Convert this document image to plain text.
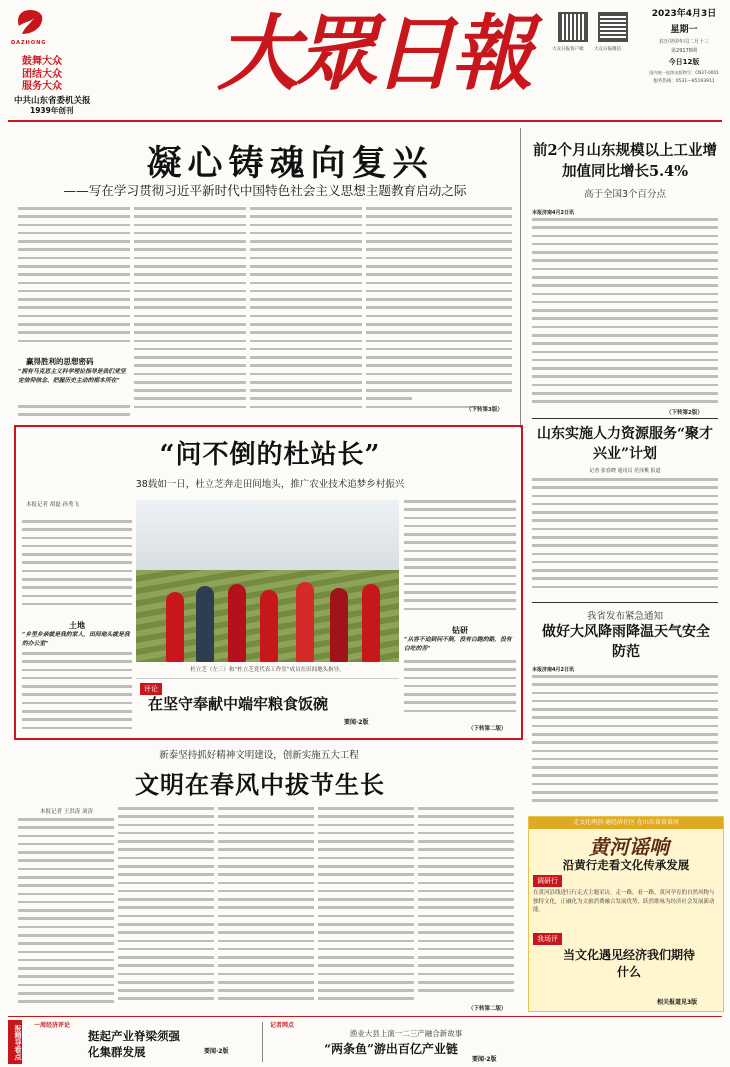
DAZHONG
鼓舞大众
团结大众
服务大众
中共山东省委机关报
1939年创刊
大眾日報	大众日报客户端 大众日报微信
2023年4月3日
星期一
农历癸卯年闰二月十三
第29178期
今日12版
国内统一连续出版物号：CN37-0001
服务热线：0531—85193911
凝心铸魂向复兴
——写在学习贯彻习近平新时代中国特色社会主义思想主题教育启动之际
赢得胜利的思想密码
“拥有马克思主义科学理论指导是我们党坚定信仰信念、把握历史主动的根本所在”
（下转第3版）
前2个月山东规模以上工业增加值同比增长5.4%
高于全国3个百分点
本报济南4月2日讯
（下转第2版）
“问不倒的杜站长”
38载如一日，杜立芝奔走田间地头，推广农业技术追梦乡村振兴
本报记者 胡磊 孙秀飞
土地
“乡里乡亲就是我的家人，田间地头就是我的办公室”
杜立芝（左三）和“杜立芝党代表工作室”成员在田间地头指导。
评论
在坚守奉献中端牢粮食饭碗
要闻·2版
钻研
“从容不迫到问不倒，没有白跑的路，没有白吃的苦”
（下转第二版）
山东实施人力资源服务“聚才兴业”计划
记者 张春晓 通讯员 范泽桃 报道
我省发布紧急通知
做好大风降雨降温天气安全防范
本报济南4月2日讯
新泰坚持抓好精神文明建设，创新实施五大工程
文明在春风中拔节生长
本报记者 王洪涛 刘涛
（下转第二版）
走文化两创·通经济社区 在山东省省黄河
黄河谣响
沿黄行走看文化传承发展
调研行
在黄河沿线进行行走式主题采访，走一路，看一路，黄河孕育的自然风物与独特文化，正融化为文旅消费融合发展优势，跃然歌咏为经济社会发展新动能。
我场评
当文化遇见经济我们期待什么
相关报道见3版
报精导看点 一周经济评论
挺起产业脊梁须强化集群发展	要闻·2版
记者网点
渔业大县上演一二三产融合新故事
“两条鱼”游出百亿产业链
要闻·2版
